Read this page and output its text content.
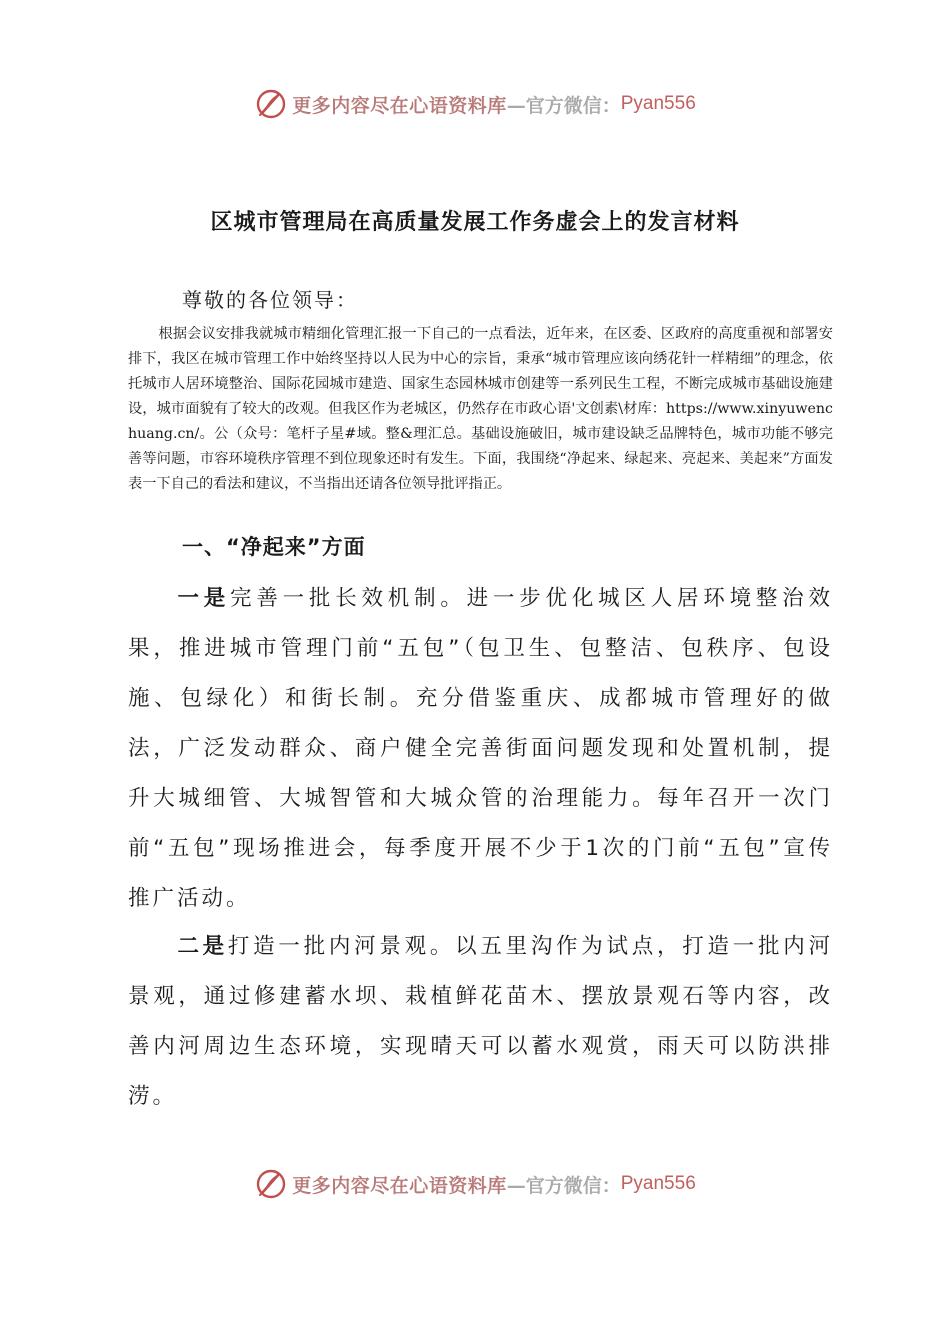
更多内容尽在心语资料库 —官方微信： Pyan556
区城市管理局在高质量发展工作务虚会上的发言材料

尊敬的各位领导：

根据会议安排我就城市精细化管理汇报一下自己的一点看法，近年来，在区委、区政府的高度重视和部署安排下，我区在城市管理工作中始终坚持以人民为中心的宗旨，秉承“城市管理应该向绣花针一样精细”的理念，依托城市人居环境整治、国际花园城市建造、国家生态园林城市创建等一系列民生工程，不断完成城市基础设施建设，城市面貌有了较大的改观。但我区作为老城区，仍然存在市政心语'文创素\材库：https://www.xinyuwenchuang.cn/。公（众号：笔杆子星#域。整&理汇总。基础设施破旧，城市建设缺乏品牌特色，城市功能不够完善等问题，市容环境秩序管理不到位现象还时有发生。下面，我围绕“净起来、绿起来、亮起来、美起来”方面发表一下自己的看法和建议，不当指出还请各位领导批评指正。

一、“净起来”方面

一是完善一批长效机制。进一步优化城区人居环境整治效果，推进城市管理门前“五包”（包卫生、包整洁、包秩序、包设施、包绿化）和街长制。充分借鉴重庆、成都城市管理好的做法，广泛发动群众、商户健全完善街面问题发现和处置机制，提升大城细管、大城智管和大城众管的治理能力。每年召开一次门前“五包”现场推进会，每季度开展不少于1次的门前“五包”宣传推广活动。

二是打造一批内河景观。以五里沟作为试点，打造一批内河景观，通过修建蓄水坝、栽植鲜花苗木、摆放景观石等内容，改善内河周边生态环境，实现晴天可以蓄水观赏，雨天可以防洪排涝。

更多内容尽在心语资料库 —官方微信： Pyan556
